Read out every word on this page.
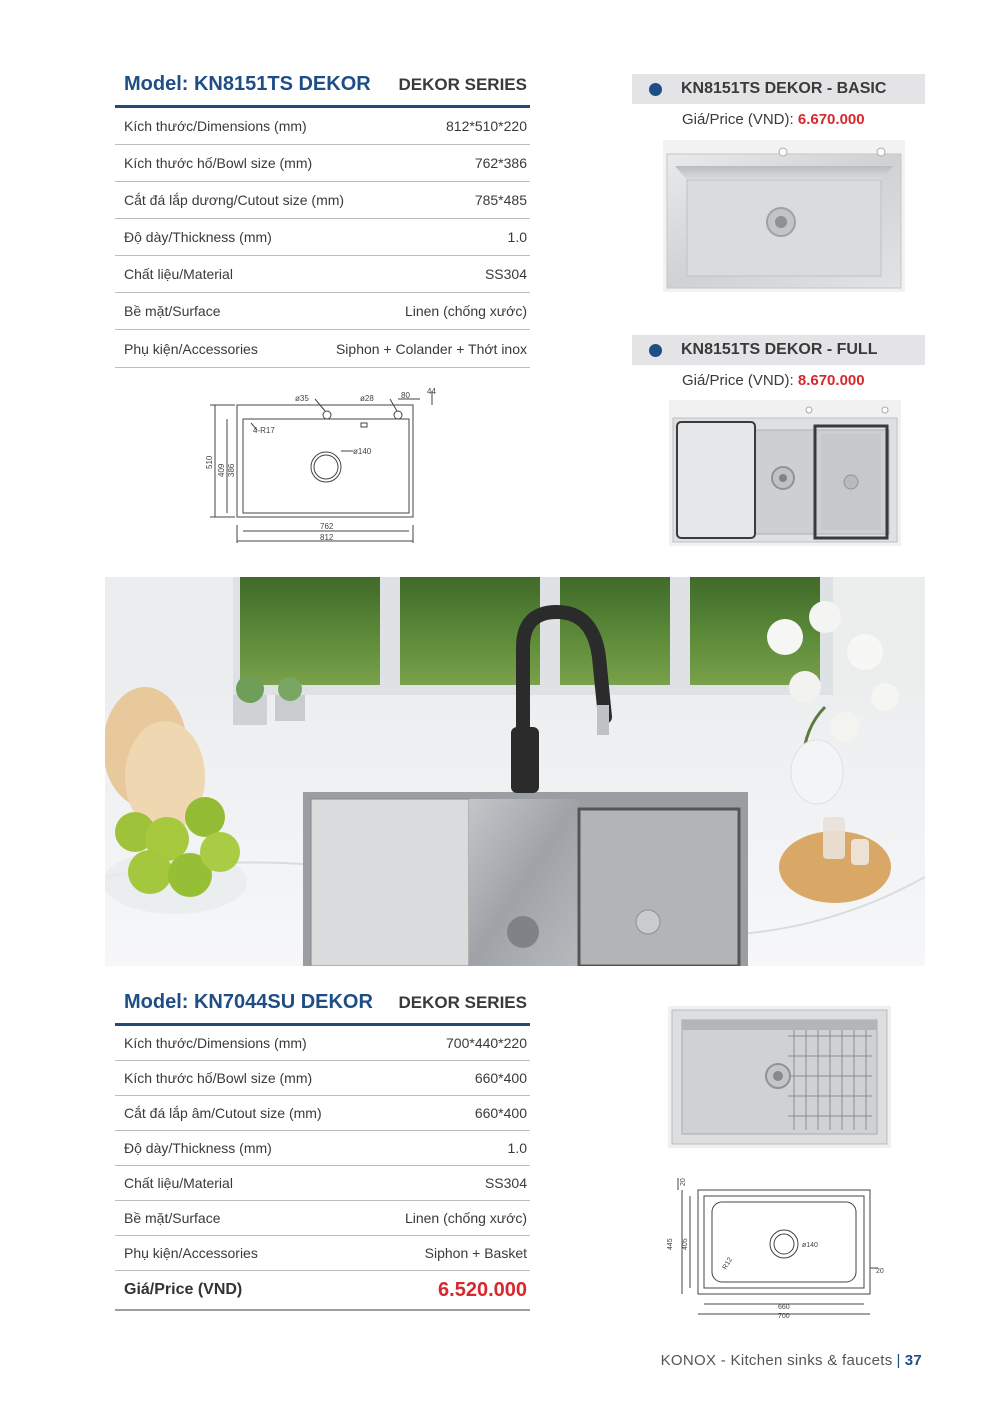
Model: KN8151TS DEKOR DEKOR SERIES
Kích thước/Dimensions (mm)	812*510*220
Kích thước hố/Bowl size (mm)	762*386
Cắt đá lắp dương/Cutout size (mm)	785*485
Độ dày/Thickness (mm)	1.0
Chất liệu/Material	SS304
Bề mặt/Surface	Linen (chống xước)
Phụ kiện/Accessories	Siphon + Colander + Thớt inox
ø35	ø28	80 44
4-R17
ø140
762
812
510
409 386
KN8151TS DEKOR - BASIC
Giá/Price (VND): 6.670.000
KN8151TS DEKOR - FULL
Giá/Price (VND): 8.670.000
Model: KN7044SU DEKOR DEKOR SERIES
Kích thước/Dimensions (mm)	700*440*220
Kích thước hố/Bowl size (mm)	660*400
Cắt đá lắp âm/Cutout size (mm)	660*400
Độ dày/Thickness (mm)	1.0
Chất liệu/Material	SS304
Bề mặt/Surface	Linen (chống xước)
Phụ kiện/Accessories	Siphon + Basket
Giá/Price (VND)	6.520.000
20
445 405
R12
ø140
20
660
700
KONOX - Kitchen sinks & faucets | 37
